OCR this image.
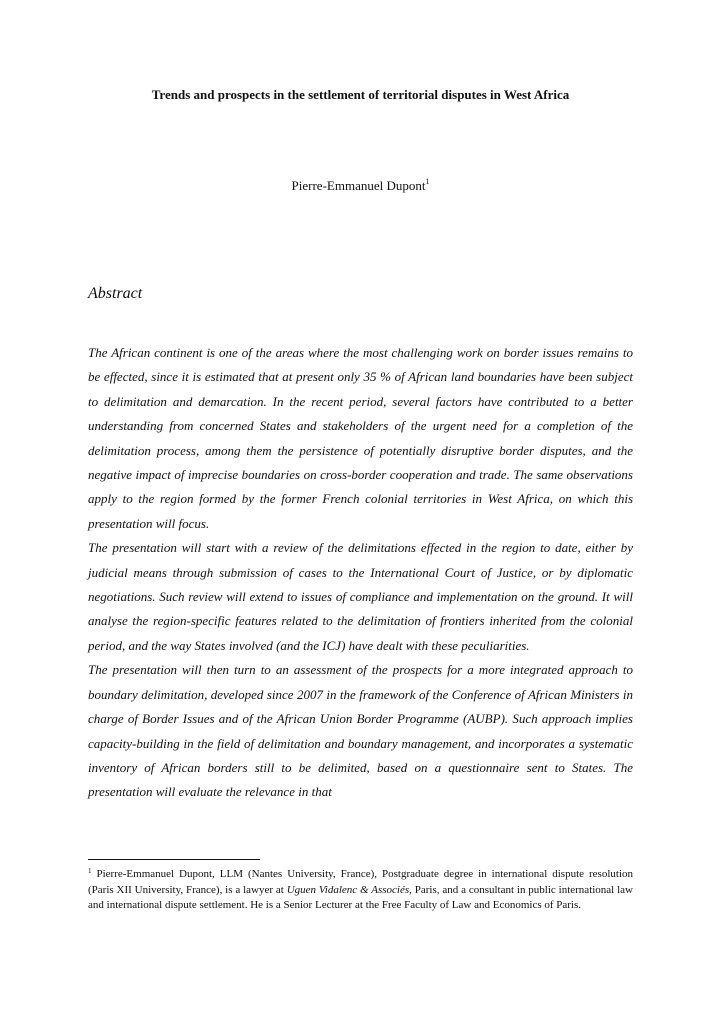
Trends and prospects in the settlement of territorial disputes in West Africa
Pierre-Emmanuel Dupont$^1$
Abstract

The African continent is one of the areas where the most challenging work on border issues remains to be effected, since it is estimated that at present only 35 % of African land boundaries have been subject to delimitation and demarcation. In the recent period, several factors have contributed to a better understanding from concerned States and stakeholders of the urgent need for a completion of the delimitation process, among them the persistence of potentially disruptive border disputes, and the negative impact of imprecise boundaries on cross-border cooperation and trade. The same observations apply to the region formed by the former French colonial territories in West Africa, on which this presentation will focus.

The presentation will start with a review of the delimitations effected in the region to date, either by judicial means through submission of cases to the International Court of Justice, or by diplomatic negotiations. Such review will extend to issues of compliance and implementation on the ground. It will analyse the region-specific features related to the delimitation of frontiers inherited from the colonial period, and the way States involved (and the ICJ) have dealt with these peculiarities.

The presentation will then turn to an assessment of the prospects for a more integrated approach to boundary delimitation, developed since 2007 in the framework of the Conference of African Ministers in charge of Border Issues and of the African Union Border Programme (AUBP). Such approach implies capacity-building in the field of delimitation and boundary management, and incorporates a systematic inventory of African borders still to be delimited, based on a questionnaire sent to States. The presentation will evaluate the relevance in that

$^1$ Pierre-Emmanuel Dupont, LLM (Nantes University, France), Postgraduate degree in international dispute resolution (Paris XII University, France), is a lawyer at Uguen Vidalenc & Associés, Paris, and a consultant in public international law and international dispute settlement. He is a Senior Lecturer at the Free Faculty of Law and Economics of Paris.
